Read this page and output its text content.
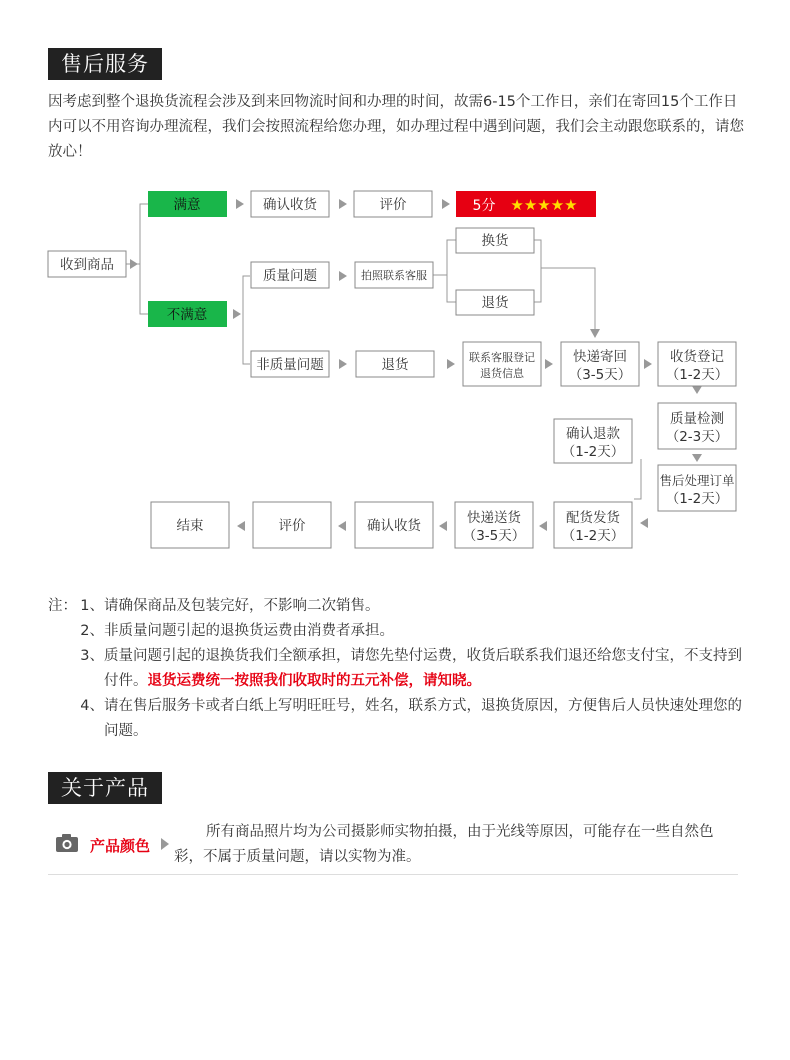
售后服务
因考虑到整个退换货流程会涉及到来回物流时间和办理的时间，故需6-15个工作日，亲们在寄回15个工作日内可以不用咨询办理流程，我们会按照流程给您办理，如办理过程中遇到问题，我们会主动跟您联系的，请您放心！
收到商品
满意	确认收货	评价	5分 ★★★★★
不满意
质量问题	拍照联系客服
换货
退货
非质量问题	退货	联系客服登记
退货信息
快递寄回
（3-5天）
收货登记
（1-2天）
质量检测
（2-3天）
售后处理订单
（1-2天）
确认退款
（1-2天）
配货发货
（1-2天）
快递送货
（3-5天）
确认收货
评价
结束
注： 1、 请确保商品及包装完好，不影响二次销售。
2、 非质量问题引起的退换货运费由消费者承担。
3、 质量问题引起的退换货我们全额承担，请您先垫付运费，收货后联系我们退还给您支付宝，不支持到付件。退货运费统一按照我们收取时的五元补偿，请知晓。
4、 请在售后服务卡或者白纸上写明旺旺号，姓名，联系方式，退换货原因，方便售后人员快速处理您的问题。
关于产品
产品颜色
所有商品照片均为公司摄影师实物拍摄，由于光线等原因，可能存在一些自然色彩，不属于质量问题，请以实物为准。
